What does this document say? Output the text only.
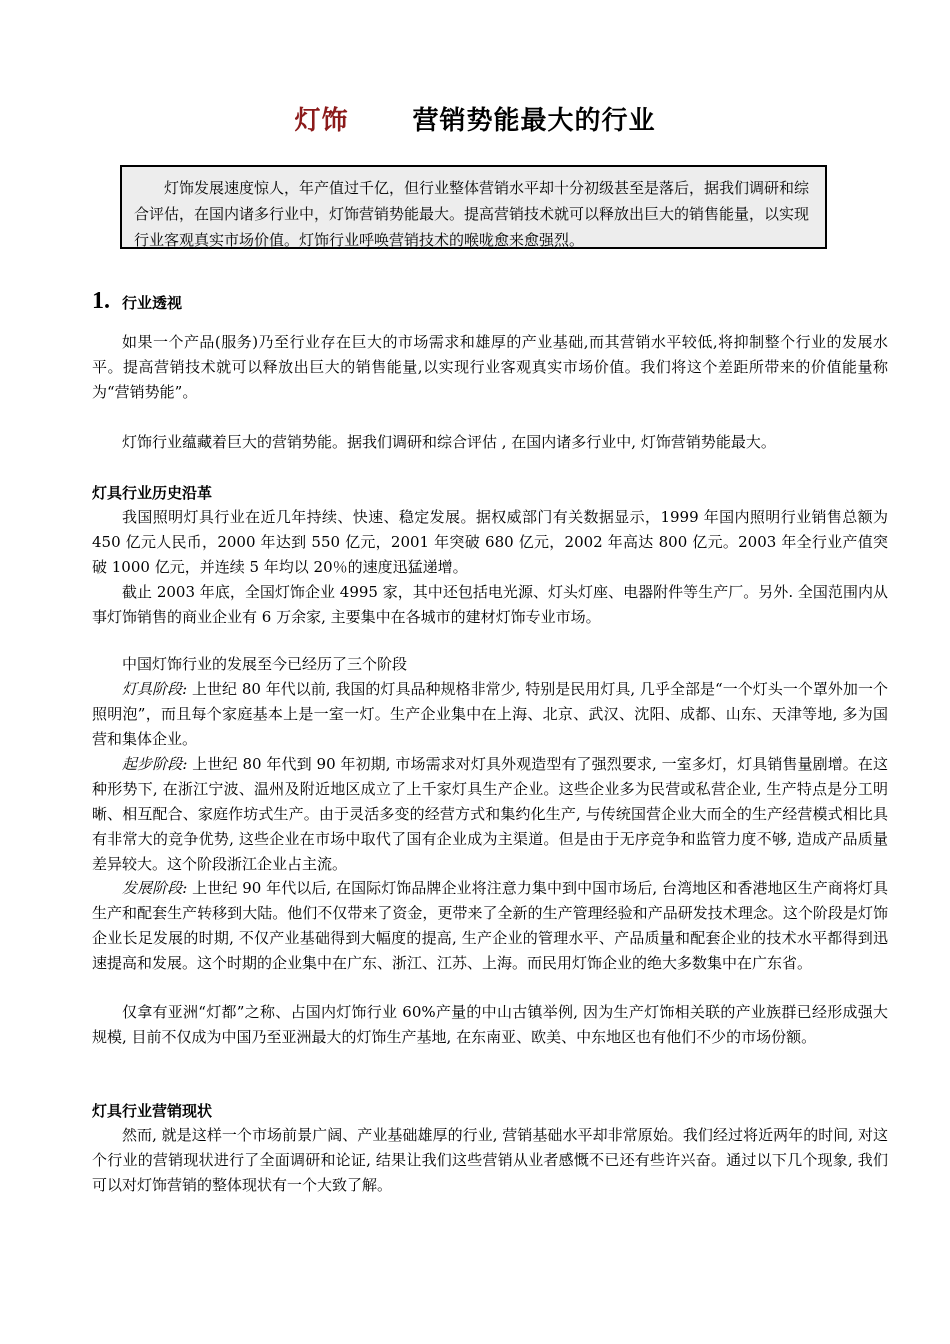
灯饰 营销势能最大的行业

灯饰发展速度惊人，年产值过千亿，但行业整体营销水平却十分初级甚至是落后，据我们调研和综合评估，在国内诸多行业中，灯饰营销势能最大。提高营销技术就可以释放出巨大的销售能量，以实现行业客观真实市场价值。灯饰行业呼唤营销技术的喉咙愈来愈强烈。

1. 行业透视

如果一个产品(服务)乃至行业存在巨大的市场需求和雄厚的产业基础,而其营销水平较低,将抑制整个行业的发展水平。提高营销技术就可以释放出巨大的销售能量,以实现行业客观真实市场价值。我们将这个差距所带来的价值能量称为“营销势能”。

灯饰行业蕴藏着巨大的营销势能。据我们调研和综合评估 , 在国内诸多行业中, 灯饰营销势能最大。

灯具行业历史沿革

我国照明灯具行业在近几年持续、快速、稳定发展。据权威部门有关数据显示，1999 年国内照明行业销售总额为 450 亿元人民币，2000 年达到 550 亿元，2001 年突破 680 亿元，2002 年高达 800 亿元。2003 年全行业产值突破 1000 亿元，并连续 5 年均以 20％的速度迅猛递增。

截止 2003 年底，全国灯饰企业 4995 家，其中还包括电光源、灯头灯座、电器附件等生产厂。另外. 全国范围内从事灯饰销售的商业企业有 6 万余家, 主要集中在各城市的建材灯饰专业市场。

中国灯饰行业的发展至今已经历了三个阶段

灯具阶段: 上世纪 80 年代以前, 我国的灯具品种规格非常少, 特别是民用灯具, 几乎全部是“一个灯头一个罩外加一个照明泡”，而且每个家庭基本上是一室一灯。生产企业集中在上海、北京、武汉、沈阳、成都、山东、天津等地, 多为国营和集体企业。

起步阶段: 上世纪 80 年代到 90 年初期, 市场需求对灯具外观造型有了强烈要求, 一室多灯，灯具销售量剧增。在这种形势下, 在浙江宁波、温州及附近地区成立了上千家灯具生产企业。这些企业多为民营或私营企业, 生产特点是分工明晰、相互配合、家庭作坊式生产。由于灵活多变的经营方式和集约化生产, 与传统国营企业大而全的生产经营模式相比具有非常大的竞争优势, 这些企业在市场中取代了国有企业成为主渠道。但是由于无序竞争和监管力度不够, 造成产品质量差异较大。这个阶段浙江企业占主流。

发展阶段: 上世纪 90 年代以后, 在国际灯饰品牌企业将注意力集中到中国市场后, 台湾地区和香港地区生产商将灯具生产和配套生产转移到大陆。他们不仅带来了资金，更带来了全新的生产管理经验和产品研发技术理念。这个阶段是灯饰企业长足发展的时期, 不仅产业基础得到大幅度的提高, 生产企业的管理水平、产品质量和配套企业的技术水平都得到迅速提高和发展。这个时期的企业集中在广东、浙江、江苏、上海。而民用灯饰企业的绝大多数集中在广东省。

仅拿有亚洲“灯都”之称、占国内灯饰行业 60%产量的中山古镇举例, 因为生产灯饰相关联的产业族群已经形成强大规模, 目前不仅成为中国乃至亚洲最大的灯饰生产基地, 在东南亚、欧美、中东地区也有他们不少的市场份额。

灯具行业营销现状

然而, 就是这样一个市场前景广阔、产业基础雄厚的行业, 营销基础水平却非常原始。我们经过将近两年的时间, 对这个行业的营销现状进行了全面调研和论证, 结果让我们这些营销从业者感慨不已还有些许兴奋。通过以下几个现象, 我们可以对灯饰营销的整体现状有一个大致了解。
